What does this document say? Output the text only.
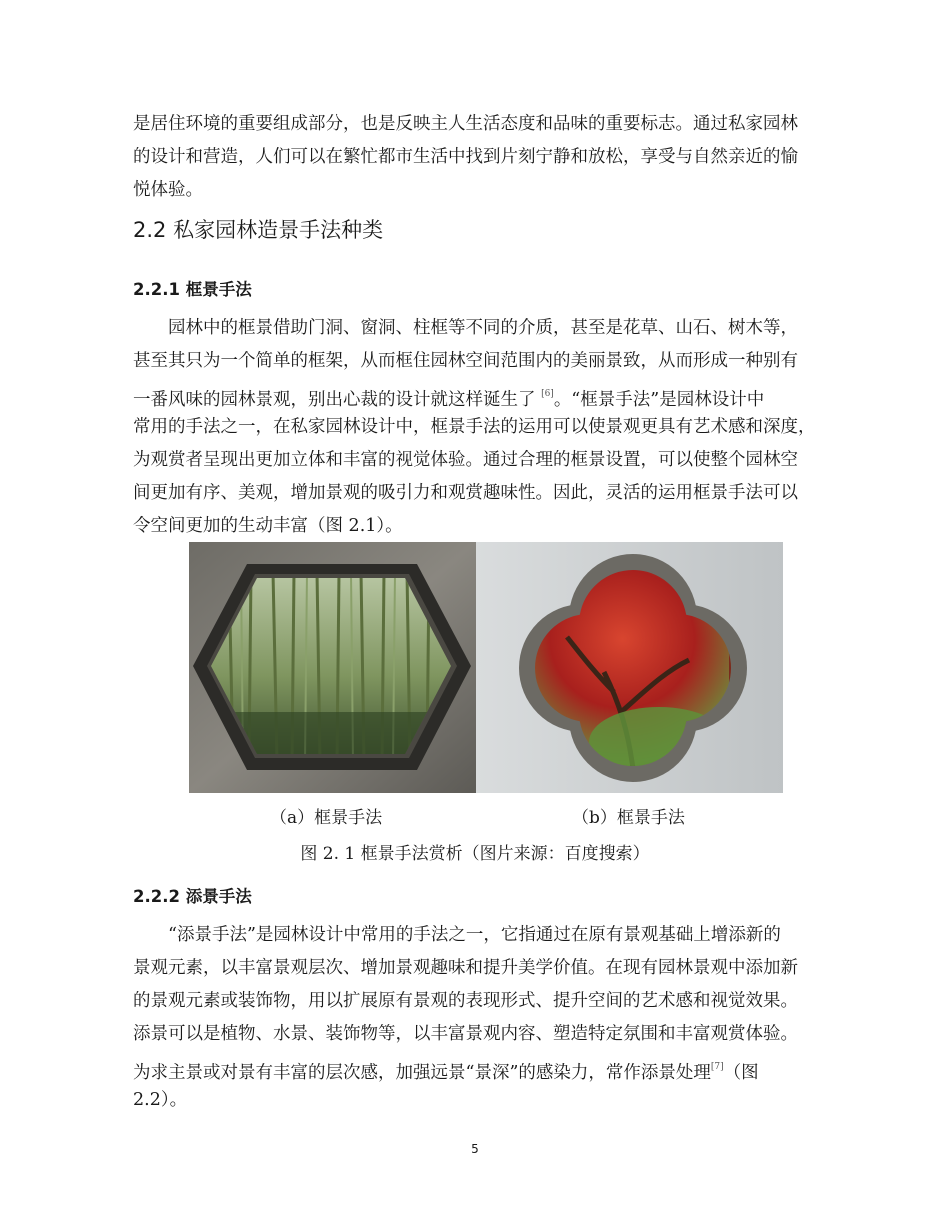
是居住环境的重要组成部分，也是反映主人生活态度和品味的重要标志。通过私家园林
的设计和营造，人们可以在繁忙都市生活中找到片刻宁静和放松，享受与自然亲近的愉
悦体验。
2.2 私家园林造景手法种类
2.2.1 框景手法
园林中的框景借助门洞、窗洞、柱框等不同的介质，甚至是花草、山石、树木等，
甚至其只为一个简单的框架，从而框住园林空间范围内的美丽景致，从而形成一种别有
一番风味的园林景观，别出心裁的设计就这样诞生了 [6]。“框景手法”是园林设计中
常用的手法之一，在私家园林设计中，框景手法的运用可以使景观更具有艺术感和深度，
为观赏者呈现出更加立体和丰富的视觉体验。通过合理的框景设置，可以使整个园林空
间更加有序、美观，增加景观的吸引力和观赏趣味性。因此，灵活的运用框景手法可以
令空间更加的生动丰富（图 2.1）。
（a）框景手法	（b）框景手法
图 2. 1 框景手法赏析（图片来源：百度搜索）
2.2.2 添景手法
“添景手法”是园林设计中常用的手法之一，它指通过在原有景观基础上增添新的
景观元素，以丰富景观层次、增加景观趣味和提升美学价值。在现有园林景观中添加新
的景观元素或装饰物，用以扩展原有景观的表现形式、提升空间的艺术感和视觉效果。
添景可以是植物、水景、装饰物等，以丰富景观内容、塑造特定氛围和丰富观赏体验。
为求主景或对景有丰富的层次感，加强远景“景深”的感染力，常作添景处理[7]（图
2.2）。
5
